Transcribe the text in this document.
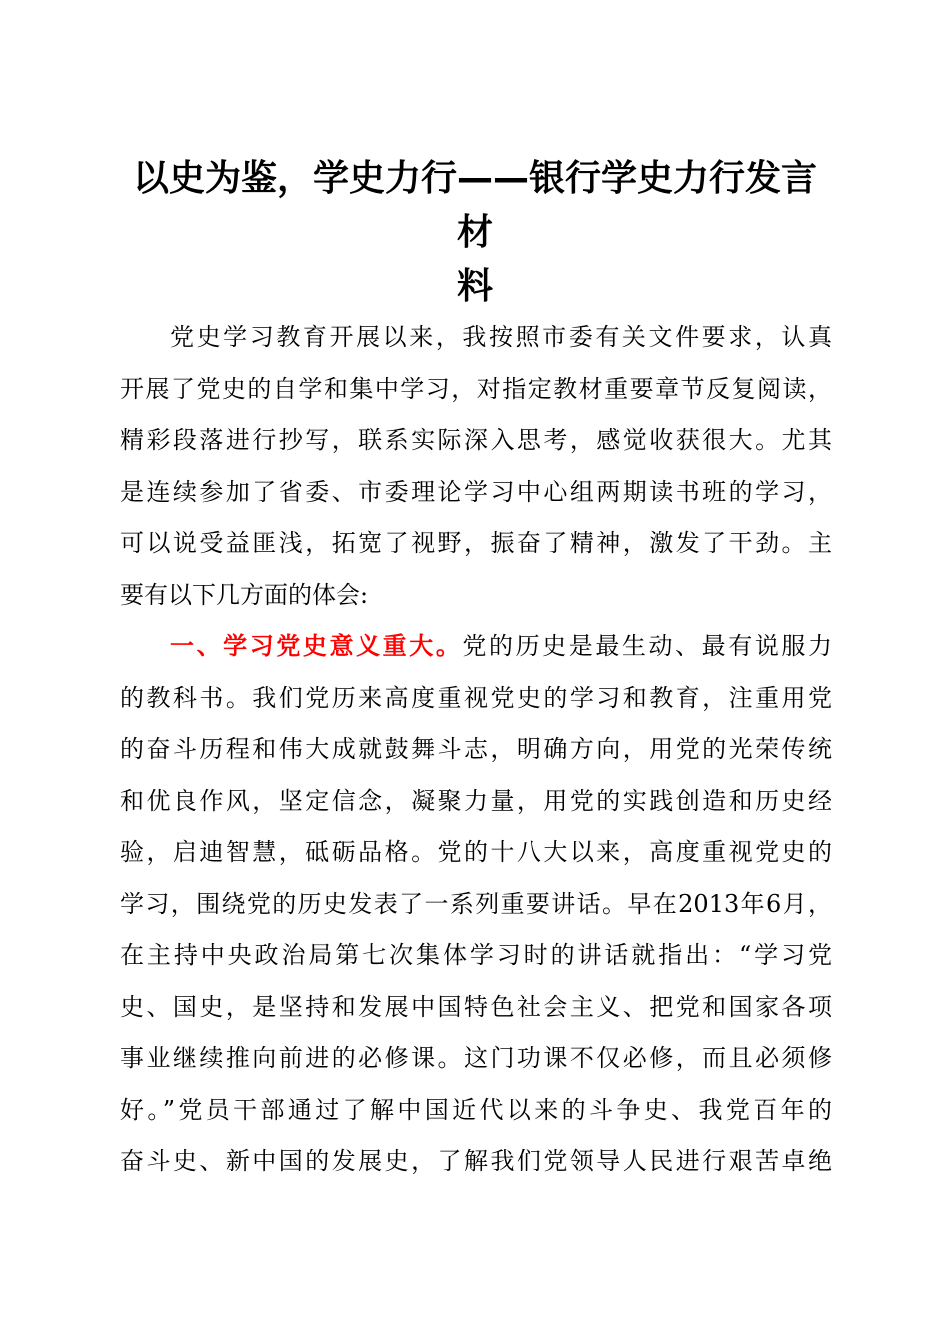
以史为鉴，学史力行——银行学史力行发言材
料
党史学习教育开展以来，我按照市委有关文件要求，认真
开展了党史的自学和集中学习，对指定教材重要章节反复阅读，
精彩段落进行抄写，联系实际深入思考，感觉收获很大。尤其
是连续参加了省委、市委理论学习中心组两期读书班的学习，
可以说受益匪浅，拓宽了视野，振奋了精神，激发了干劲。主
要有以下几方面的体会:
一、学习党史意义重大。党的历史是最生动、最有说服力
的教科书。我们党历来高度重视党史的学习和教育，注重用党
的奋斗历程和伟大成就鼓舞斗志，明确方向，用党的光荣传统
和优良作风，坚定信念，凝聚力量，用党的实践创造和历史经
验，启迪智慧，砥砺品格。党的十八大以来，高度重视党史的
学习，围绕党的历史发表了一系列重要讲话。早在2013年6月，
在主持中央政治局第七次集体学习时的讲话就指出：“学习党
史、国史，是坚持和发展中国特色社会主义、把党和国家各项
事业继续推向前进的必修课。这门功课不仅必修，而且必须修
好。”党员干部通过了解中国近代以来的斗争史、我党百年的
奋斗史、新中国的发展史，了解我们党领导人民进行艰苦卓绝
